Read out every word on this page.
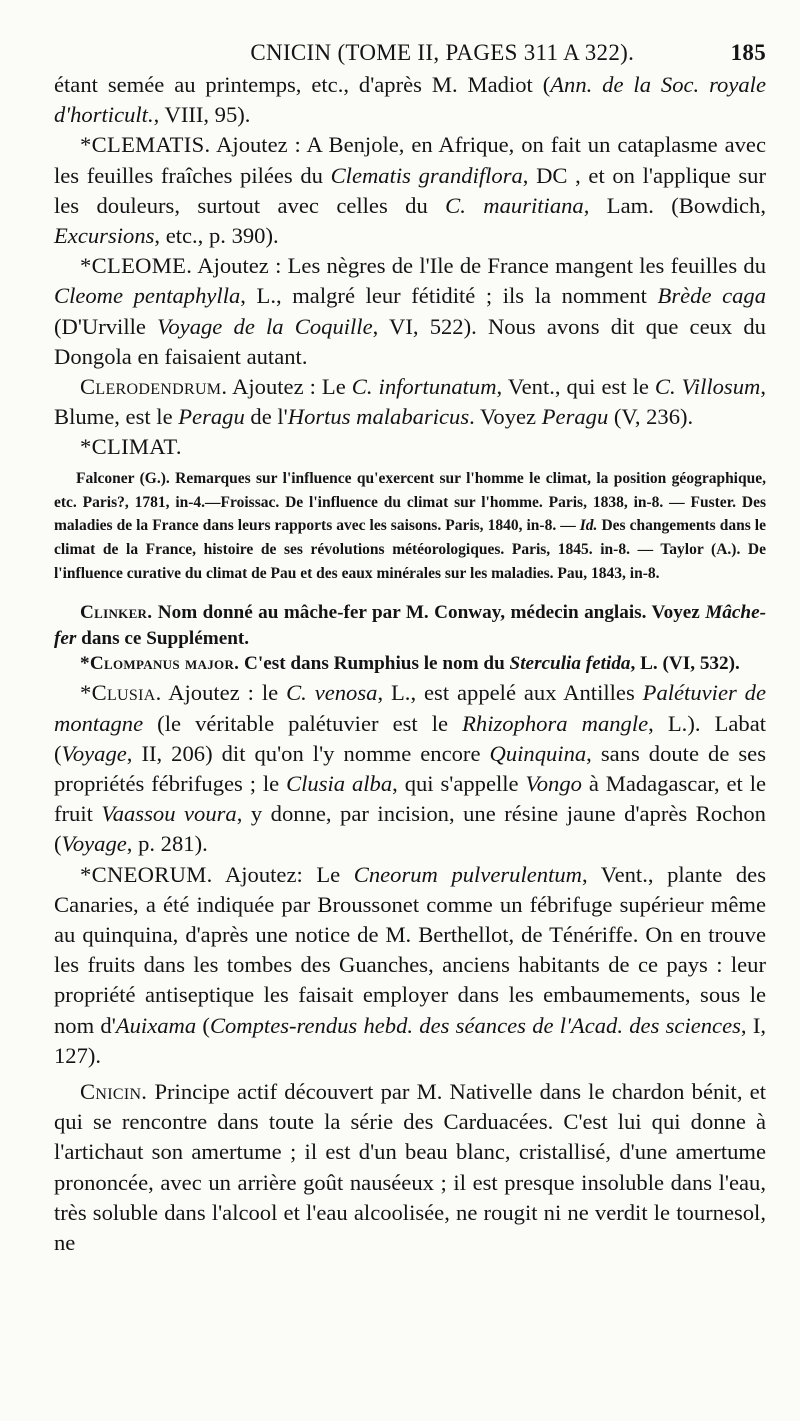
CNICIN (TOME II, PAGES 311 A 322).	185

étant semée au printemps, etc., d'après M. Madiot (Ann. de la Soc. royale d'horticult., VIII, 95).

*CLEMATIS. Ajoutez : A Benjole, en Afrique, on fait un cataplasme avec les feuilles fraîches pilées du Clematis grandiflora, DC , et on l'applique sur les douleurs, surtout avec celles du C. mauritiana, Lam. (Bowdich, Excursions, etc., p. 390).

*CLEOME. Ajoutez : Les nègres de l'Ile de France mangent les feuilles du Cleome pentaphylla, L., malgré leur fétidité ; ils la nomment Brède caga (D'Urville Voyage de la Coquille, VI, 522). Nous avons dit que ceux du Dongola en faisaient autant.

Clerodendrum. Ajoutez : Le C. infortunatum, Vent., qui est le C. Villosum, Blume, est le Peragu de l'Hortus malabaricus. Voyez Peragu (V, 236).

*CLIMAT.

Falconer (G.). Remarques sur l'influence qu'exercent sur l'homme le climat, la position géographique, etc. Paris?, 1781, in-4.—Froissac. De l'influence du climat sur l'homme. Paris, 1838, in-8. — Fuster. Des maladies de la France dans leurs rapports avec les saisons. Paris, 1840, in-8. — Id. Des changements dans le climat de la France, histoire de ses révolutions météorologiques. Paris, 1845. in-8. — Taylor (A.). De l'influence curative du climat de Pau et des eaux minérales sur les maladies. Pau, 1843, in-8.

Clinker. Nom donné au mâche-fer par M. Conway, médecin anglais. Voyez Mâche-fer dans ce Supplément.

*Clompanus major. C'est dans Rumphius le nom du Sterculia fetida, L. (VI, 532).

*Clusia. Ajoutez : le C. venosa, L., est appelé aux Antilles Palétuvier de montagne (le véritable palétuvier est le Rhizophora mangle, L.). Labat (Voyage, II, 206) dit qu'on l'y nomme encore Quinquina, sans doute de ses propriétés fébrifuges ; le Clusia alba, qui s'appelle Vongo à Madagascar, et le fruit Vaassou voura, y donne, par incision, une résine jaune d'après Rochon (Voyage, p. 281).

*CNEORUM. Ajoutez: Le Cneorum pulverulentum, Vent., plante des Canaries, a été indiquée par Broussonet comme un fébrifuge supérieur même au quinquina, d'après une notice de M. Berthellot, de Ténériffe. On en trouve les fruits dans les tombes des Guanches, anciens habitants de ce pays : leur propriété antiseptique les faisait employer dans les embaumements, sous le nom d'Auixama (Comptes-rendus hebd. des séances de l'Acad. des sciences, I, 127).

Cnicin. Principe actif découvert par M. Nativelle dans le chardon bénit, et qui se rencontre dans toute la série des Carduacées. C'est lui qui donne à l'artichaut son amertume ; il est d'un beau blanc, cristallisé, d'une amertume prononcée, avec un arrière goût nauséeux ; il est presque insoluble dans l'eau, très soluble dans l'alcool et l'eau alcoolisée, ne rougit ni ne verdit le tournesol, ne
